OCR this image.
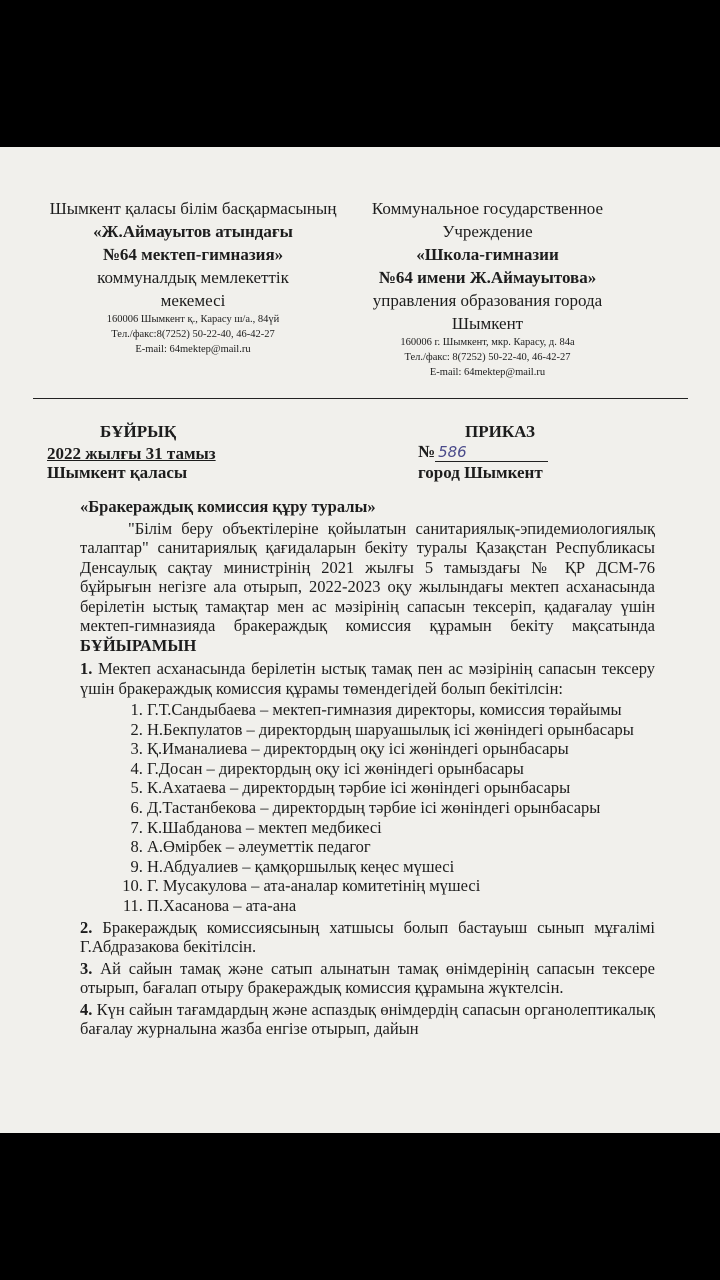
Шымкент қаласы білім басқармасының
«Ж.Аймауытов атындағы
№64 мектеп-гимназия»
коммуналдық мемлекеттік
мекемесі
160006 Шымкент қ., Карасу ш/а., 84үй
Тел./факс:8(7252) 50-22-40, 46-42-27
E-mail: 64mektep@mail.ru
Коммунальное государственное
Учреждение
«Школа-гимназии
№64 имени Ж.Аймауытова»
управления образования города
Шымкент
160006 г. Шымкент, мкр. Карасу, д. 84а
Тел./факс: 8(7252) 50-22-40, 46-42-27
E-mail: 64mektep@mail.ru
БҰЙРЫҚ	ПРИКАЗ
2022 жылғы 31 тамыз	№ 586
Шымкент қаласы	город Шымкент
«Бракераждық комиссия құру туралы»
"Білім беру объектілеріне қойылатын санитариялық-эпидемиологиялық талаптар" санитариялық қағидаларын бекіту туралы Қазақстан Республикасы Денсаулық сақтау министрінің 2021 жылғы 5 тамыздағы № ҚР ДСМ-76 бұйрығын негізге ала отырып, 2022-2023 оқу жылындағы мектеп асханасында берілетін ыстық тамақтар мен ас мәзірінің сапасын тексеріп, қадағалау үшін мектеп-гимназияда бракераждық комиссия құрамын бекіту мақсатында БҰЙЫРАМЫН
1. Мектеп асханасында берілетін ыстық тамақ пен ас мәзірінің сапасын тексеру үшін бракераждық комиссия құрамы төмендегідей болып бекітілсін:
1. Г.Т.Сандыбаева – мектеп-гимназия директоры, комиссия төрайымы
2. Н.Бекпулатов – директордың шаруашылық ісі жөніндегі орынбасары
3. Қ.Иманалиева – директордың оқу ісі жөніндегі орынбасары
4. Г.Досан – директордың оқу ісі жөніндегі орынбасары
5. К.Ахатаева – директордың тәрбие ісі жөніндегі орынбасары
6. Д.Тастанбекова – директордың тәрбие ісі жөніндегі орынбасары
7. К.Шабданова – мектеп медбикесі
8. А.Өмірбек – әлеуметтік педагог
9. Н.Абдуалиев – қамқоршылық кеңес мүшесі
10. Г. Мусакулова – ата-аналар комитетінің мүшесі
11. П.Хасанова – ата-ана
2. Бракераждық комиссиясының хатшысы болып бастауыш сынып мұғалімі Г.Абдразакова бекітілсін.
3. Ай сайын тамақ және сатып алынатын тамақ өнімдерінің сапасын тексере отырып, бағалап отыру бракераждық комиссия құрамына жүктелсін.
4. Күн сайын тағамдардың және аспаздық өнімдердің сапасын органолептикалық бағалау журналына жазба енгізе отырып, дайын
